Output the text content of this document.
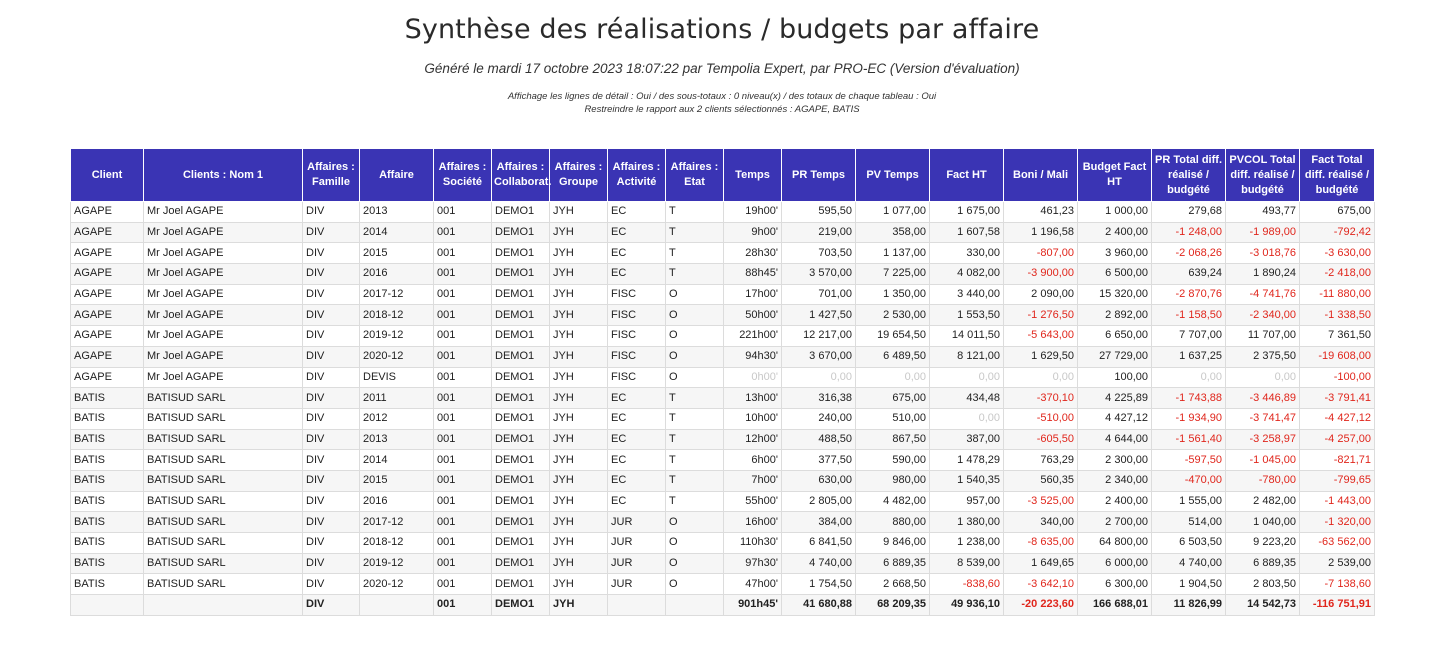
Synthèse des réalisations / budgets par affaire
Généré le mardi 17 octobre 2023 18:07:22 par Tempolia Expert, par PRO-EC (Version d'évaluation)
Affichage les lignes de détail : Oui / des sous-totaux : 0 niveau(x) / des totaux de chaque tableau : Oui
Restreindre le rapport aux 2 clients sélectionnés : AGAPE, BATIS
Client	Clients : Nom 1	Affaires : Famille	Affaire	Affaires : Société	Affaires : Collaborat.	Affaires : Groupe	Affaires : Activité	Affaires : Etat	Temps	PR Temps	PV Temps	Fact HT	Boni / Mali	Budget Fact HT	PR Total diff. réalisé / budgété	PVCOL Total diff. réalisé / budgété	Fact Total diff. réalisé / budgété
AGAPE	Mr Joel AGAPE	DIV	2013	001	DEMO1	JYH	EC	T	19h00'	595,50	1 077,00	1 675,00	461,23	1 000,00	279,68	493,77	675,00
AGAPE	Mr Joel AGAPE	DIV	2014	001	DEMO1	JYH	EC	T	9h00'	219,00	358,00	1 607,58	1 196,58	2 400,00	-1 248,00	-1 989,00	-792,42
AGAPE	Mr Joel AGAPE	DIV	2015	001	DEMO1	JYH	EC	T	28h30'	703,50	1 137,00	330,00	-807,00	3 960,00	-2 068,26	-3 018,76	-3 630,00
AGAPE	Mr Joel AGAPE	DIV	2016	001	DEMO1	JYH	EC	T	88h45'	3 570,00	7 225,00	4 082,00	-3 900,00	6 500,00	639,24	1 890,24	-2 418,00
AGAPE	Mr Joel AGAPE	DIV	2017-12	001	DEMO1	JYH	FISC	O	17h00'	701,00	1 350,00	3 440,00	2 090,00	15 320,00	-2 870,76	-4 741,76	-11 880,00
AGAPE	Mr Joel AGAPE	DIV	2018-12	001	DEMO1	JYH	FISC	O	50h00'	1 427,50	2 530,00	1 553,50	-1 276,50	2 892,00	-1 158,50	-2 340,00	-1 338,50
AGAPE	Mr Joel AGAPE	DIV	2019-12	001	DEMO1	JYH	FISC	O	221h00'	12 217,00	19 654,50	14 011,50	-5 643,00	6 650,00	7 707,00	11 707,00	7 361,50
AGAPE	Mr Joel AGAPE	DIV	2020-12	001	DEMO1	JYH	FISC	O	94h30'	3 670,00	6 489,50	8 121,00	1 629,50	27 729,00	1 637,25	2 375,50	-19 608,00
AGAPE	Mr Joel AGAPE	DIV	DEVIS	001	DEMO1	JYH	FISC	O	0h00'	0,00	0,00	0,00	0,00	100,00	0,00	0,00	-100,00
BATIS	BATISUD SARL	DIV	2011	001	DEMO1	JYH	EC	T	13h00'	316,38	675,00	434,48	-370,10	4 225,89	-1 743,88	-3 446,89	-3 791,41
BATIS	BATISUD SARL	DIV	2012	001	DEMO1	JYH	EC	T	10h00'	240,00	510,00	0,00	-510,00	4 427,12	-1 934,90	-3 741,47	-4 427,12
BATIS	BATISUD SARL	DIV	2013	001	DEMO1	JYH	EC	T	12h00'	488,50	867,50	387,00	-605,50	4 644,00	-1 561,40	-3 258,97	-4 257,00
BATIS	BATISUD SARL	DIV	2014	001	DEMO1	JYH	EC	T	6h00'	377,50	590,00	1 478,29	763,29	2 300,00	-597,50	-1 045,00	-821,71
BATIS	BATISUD SARL	DIV	2015	001	DEMO1	JYH	EC	T	7h00'	630,00	980,00	1 540,35	560,35	2 340,00	-470,00	-780,00	-799,65
BATIS	BATISUD SARL	DIV	2016	001	DEMO1	JYH	EC	T	55h00'	2 805,00	4 482,00	957,00	-3 525,00	2 400,00	1 555,00	2 482,00	-1 443,00
BATIS	BATISUD SARL	DIV	2017-12	001	DEMO1	JYH	JUR	O	16h00'	384,00	880,00	1 380,00	340,00	2 700,00	514,00	1 040,00	-1 320,00
BATIS	BATISUD SARL	DIV	2018-12	001	DEMO1	JYH	JUR	O	110h30'	6 841,50	9 846,00	1 238,00	-8 635,00	64 800,00	6 503,50	9 223,20	-63 562,00
BATIS	BATISUD SARL	DIV	2019-12	001	DEMO1	JYH	JUR	O	97h30'	4 740,00	6 889,35	8 539,00	1 649,65	6 000,00	4 740,00	6 889,35	2 539,00
BATIS	BATISUD SARL	DIV	2020-12	001	DEMO1	JYH	JUR	O	47h00'	1 754,50	2 668,50	-838,60	-3 642,10	6 300,00	1 904,50	2 803,50	-7 138,60
		DIV		001	DEMO1	JYH			901h45'	41 680,88	68 209,35	49 936,10	-20 223,60	166 688,01	11 826,99	14 542,73	-116 751,91
